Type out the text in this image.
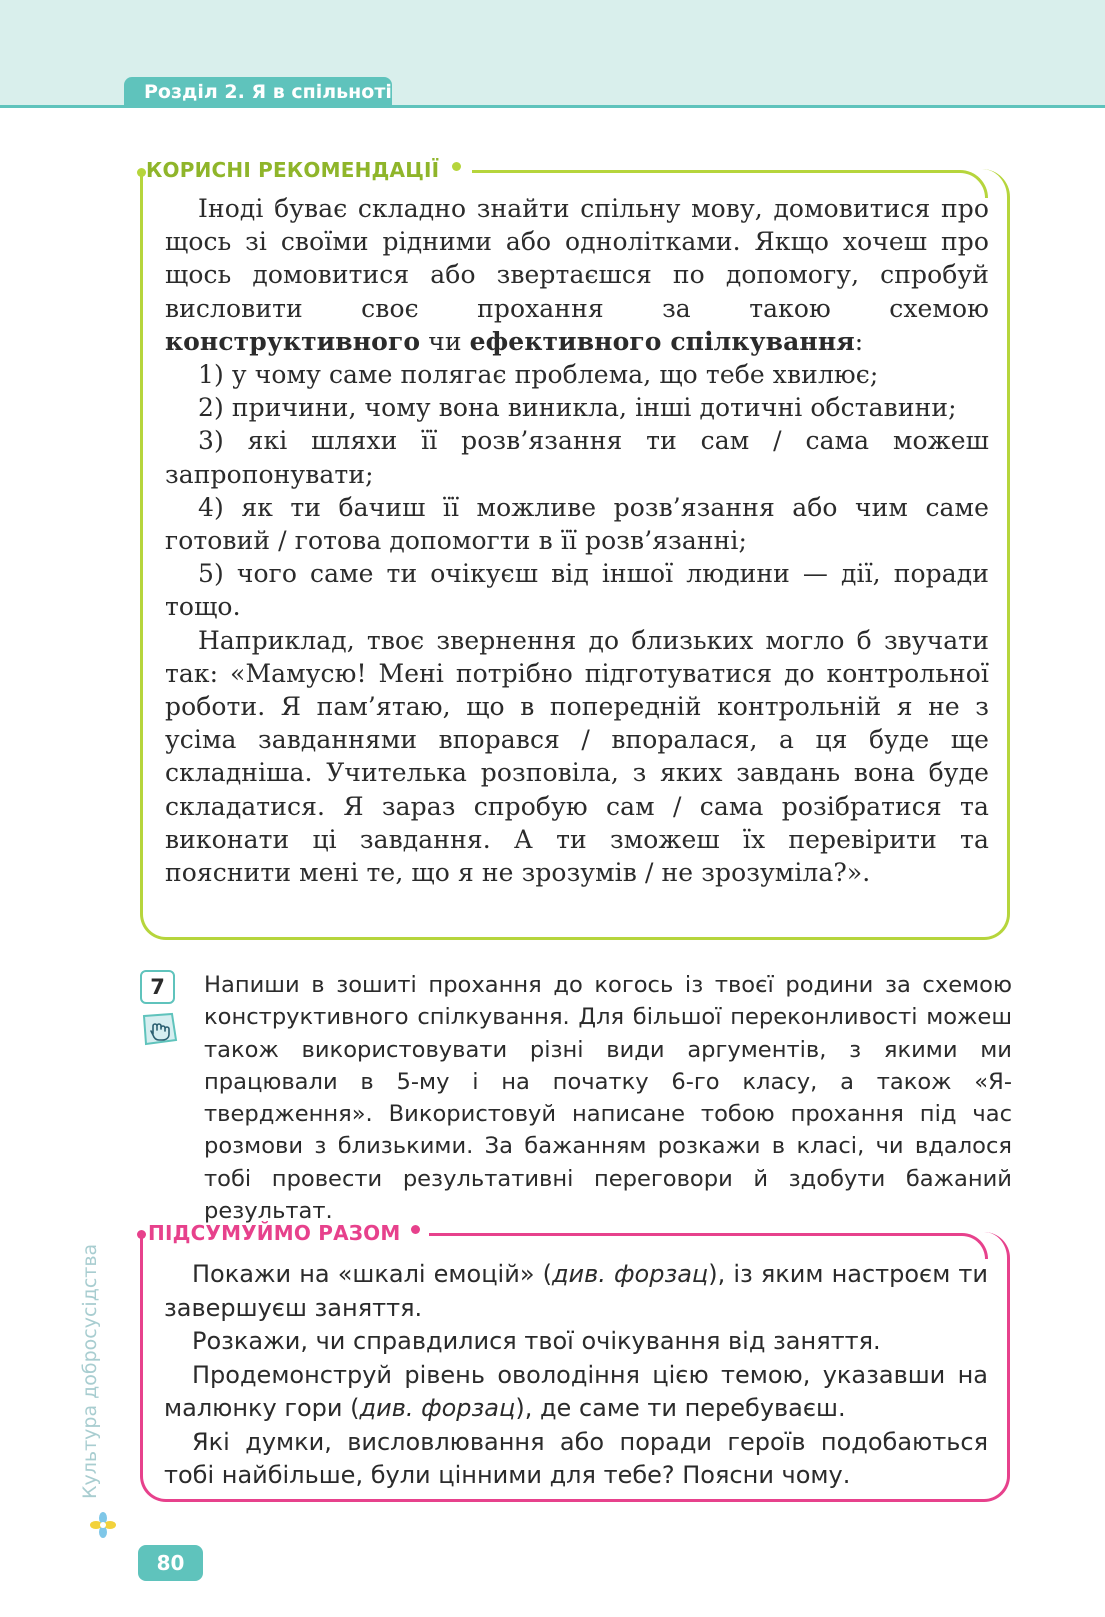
Розділ 2. Я в спільноті
КОРИСНІ РЕКОМЕНДАЦІЇ

Іноді буває складно знайти спільну мову, домовитися про щось зі своїми рідними або однолітками. Якщо хочеш про щось домовитися або звертаєшся по допомогу, спробуй висловити своє прохання за такою схемою конструктивного чи ефективного спілкування:

1) у чому саме полягає проблема, що тебе хвилює;

2) причини, чому вона виникла, інші дотичні обставини;

3) які шляхи її розв’язання ти сам / сама можеш запропонувати;

4) як ти бачиш її можливе розв’язання або чим саме готовий / готова допомогти в її розв’язанні;

5) чого саме ти очікуєш від іншої людини — дії, поради тощо.

Наприклад, твоє звернення до близьких могло б звучати так: «Мамусю! Мені потрібно підготуватися до контрольної роботи. Я пам’ятаю, що в попередній контрольній я не з усіма завданнями впорався / впоралася, а ця буде ще складніша. Учителька розповіла, з яких завдань вона буде складатися. Я зараз спробую сам / сама розібратися та виконати ці завдання. А ти зможеш їх перевірити та пояснити мені те, що я не зрозумів / не зрозуміла?».

7	Напиши в зошиті прохання до когось із твоєї родини за схемою конструктивного спілкування. Для більшої переконливості можеш також використовувати різні види аргументів, з якими ми працювали в 5-му і на початку 6-го класу, а також «Я-твердження». Використовуй написане тобою прохання під час розмови з близькими. За бажанням розкажи в класі, чи вдалося тобі провести результативні переговори й здобути бажаний результат.

ПІДСУМУЙМО РАЗОМ

Покажи на «шкалі емоцій» (див. форзац), із яким настроєм ти завершуєш заняття.

Розкажи, чи справдилися твої очікування від заняття.

Продемонструй рівень оволодіння цією темою, указавши на малюнку гори (див. форзац), де саме ти перебуваєш.

Які думки, висловлювання або поради героїв подобаються тобі найбільше, були цінними для тебе? Поясни чому.

Культура добросусідства
80
